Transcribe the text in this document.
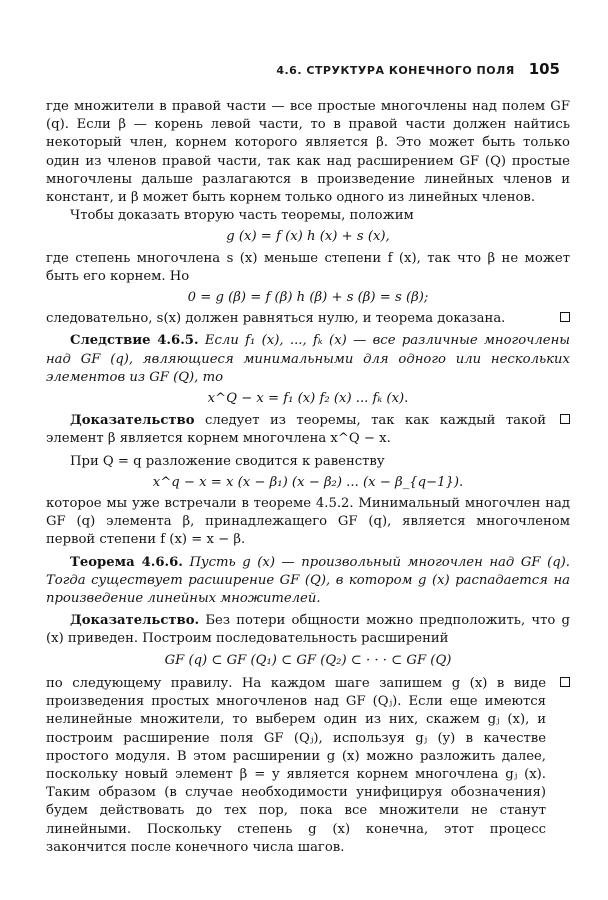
4.6. СТРУКТУРА КОНЕЧНОГО ПОЛЯ 105

где множители в правой части — все простые многочлены над полем GF (q). Если β — корень левой части, то в правой части должен найтись некоторый член, корнем которого является β. Это может быть только один из членов правой части, так как над расширением GF (Q) простые многочлены дальше разлагаются в произведение линейных членов и констант, и β может быть корнем только одного из линейных членов.

Чтобы доказать вторую часть теоремы, положим

g (x) = f (x) h (x) + s (x),

где степень многочлена s (x) меньше степени f (x), так что β не может быть его корнем. Но

0 = g (β) = f (β) h (β) + s (β) = s (β);
следовательно, s(x) должен равняться нулю, и теорема доказана.

Следствие 4.6.5. Если f₁ (x), ..., fₖ (x) — все различные многочлены над GF (q), являющиеся минимальными для одного или нескольких элементов из GF (Q), то

x^Q − x = f₁ (x) f₂ (x) ... fₖ (x).
Доказательство следует из теоремы, так как каждый такой элемент β является корнем многочлена x^Q − x.

При Q = q разложение сводится к равенству

x^q − x = x (x − β₁) (x − β₂) ... (x − β_{q−1}).

которое мы уже встречали в теореме 4.5.2. Минимальный многочлен над GF (q) элемента β, принадлежащего GF (q), является многочленом первой степени f (x) = x − β.

Теорема 4.6.6. Пусть g (x) — произвольный многочлен над GF (q). Тогда существует расширение GF (Q), в котором g (x) распадается на произведение линейных множителей.

Доказательство. Без потери общности можно предположить, что g (x) приведен. Построим последовательность расширений

GF (q) ⊂ GF (Q₁) ⊂ GF (Q₂) ⊂ · · · ⊂ GF (Q)
по следующему правилу. На каждом шаге запишем g (x) в виде произведения простых многочленов над GF (Qⱼ). Если еще имеются нелинейные множители, то выберем один из них, скажем gⱼ (x), и построим расширение поля GF (Qⱼ), используя gⱼ (y) в качестве простого модуля. В этом расширении g (x) можно разложить далее, поскольку новый элемент β = y является корнем многочлена gⱼ (x). Таким образом (в случае необходимости унифицируя обозначения) будем действовать до тех пор, пока все множители не станут линейными. Поскольку степень g (x) конечна, этот процесс закончится после конечного числа шагов.
